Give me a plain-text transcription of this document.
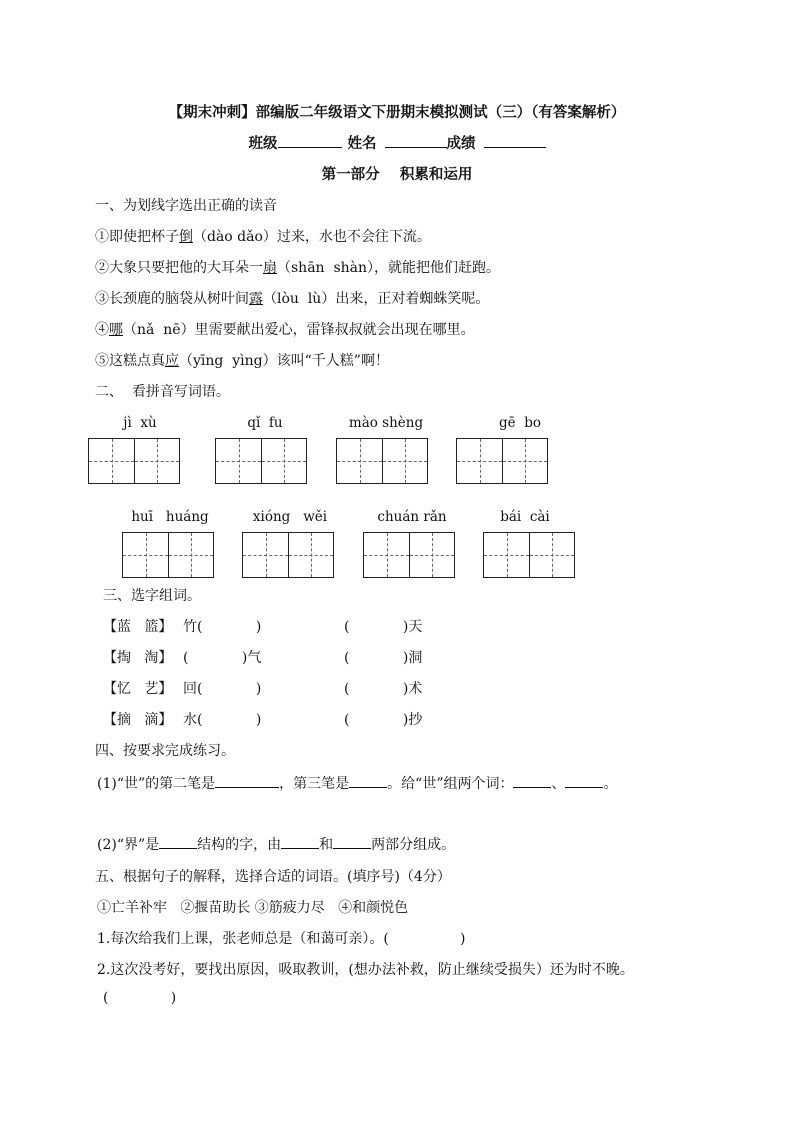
【期末冲刺】部编版二年级语文下册期末模拟测试（三）（有答案解析）
班级	姓名	成绩
第一部分    积累和运用
一、为划线字选出正确的读音
①即使把杯子倒（dào dǎo）过来，水也不会往下流。
②大象只要把他的大耳朵一扇（shān  shàn），就能把他们赶跑。
③长颈鹿的脑袋从树叶间露（lòu  lù）出来，正对着蜘蛛笑呢。
④哪（nǎ  nē）里需要献出爱心，雷锋叔叔就会出现在哪里。
⑤这糕点真应（yīng  yìng）该叫“千人糕”啊！
二、  看拼音写词语。
jì  xù	qǐ  fu	mào shèng	gē  bo
huī   huáng	xióng   wěi	chuán rǎn	bái  cài
三、选字组词。
【蓝   篮】 竹(            )	(            )天
【掏   淘】 (            )气	(            )洞
【忆   艺】 回(            )	(            )术
【摘   滴】 水(            )	(            )抄
四、按要求完成练习。
(1)“世”的第二笔是	，第三笔是	。给“世”组两个词：	、	。
(2)“界”是	结构的字，由	和	两部分组成。
五、根据句子的解释，选择合适的词语。(填序号)（4分）
①亡羊补牢   ②揠苗助长 ③筋疲力尽   ④和颜悦色
1.每次给我们上课，张老师总是（和蔼可亲）。(                )
2.这次没考好，要找出原因，吸取教训，(想办法补救，防止继续受损失）还为时不晚。
(              )
